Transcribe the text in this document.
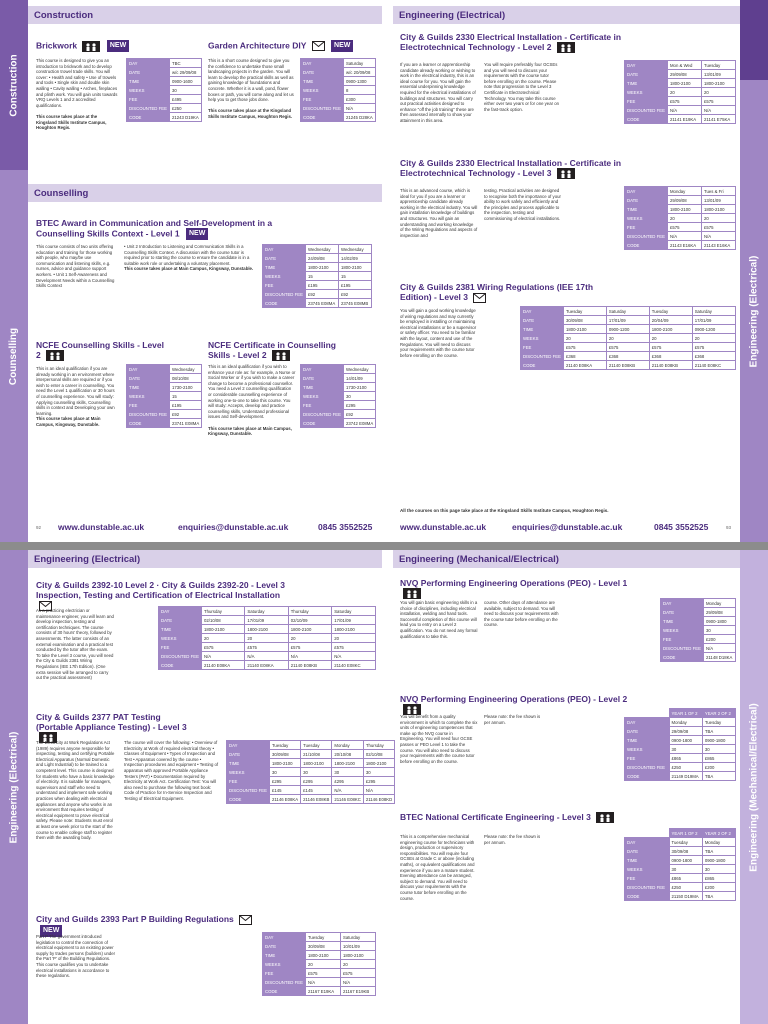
Construction
Counselling	Engineering (Electrical)
Construction
Counselling
Engineering (Electrical)
Brickwork	NEW
This course is designed to give you an introduction to brickwork and to develop construction trowel trade skills. You will cover: • Health and safety • Use of trowels and tools • Single skin and double skin walling • Cavity walling • Arches, fireplaces and plinth work. You will gain units towards VRQ Levels 1 and 2 accredited qualifications.

This course takes place at the Kingsland Skills Institute Campus, Houghton Regis.
DAY	TBC
DATE	w/c 29/09/08
TIME	0900-1600
WEEKS	30
FEE	£495
DISCOUNTED FEE	£250
CODE	21243 D19KA
Garden Architecture DIY	NEW
This is a short course designed to give you the confidence to undertake those small landscaping projects in the garden. You will learn to develop the practical skills as well as gaining knowledge of foundations and concrete. Whether it is a wall, pond, flower boxes or path, you will come along and let us help you to get those jobs done.

This course takes place at the Kingsland Skills Institute Campus, Houghton Regis.
DAY	Saturday
DATE	w/c 20/09/08
TIME	0900-1300
WEEKS	8
FEE	£300
DISCOUNTED FEE	N/A
CODE	21245 D28KA
BTEC Award in Communication and Self-Development in a Counselling Skills Context - Level 1 NEW
This course consists of two units offering education and training for those working with people, who may/be use communication and listening skills, e.g. nurses, advice and guidance support workers. • Unit 1 Self-Awareness and Development Needs within a Counselling Skills Context
• Unit 2 Introduction to Listening and Communication Skills in a Counselling Skills Context. A discussion with the course tutor is required prior to starting the course to ensure the candidate is in a suitable work role or undertaking a voluntary placement.
This course takes place at Main Campus, Kingsway, Dunstable.
DAY	Wednesday	Wednesday
DATE	24/09/08	14/02/09
TIME	1800-2100	1800-2100
WEEKS	15	15
FEE	£195	£195
DISCOUNTED FEE	£92	£92
CODE	23745 E08MA	23745 E08MB
NCFE Counselling Skills - Level 2
This is an ideal qualification if you are already working in an environment where interpersonal skills are required or if you wish to enter a career in counselling. You need the Level 1 qualification or 30 hours of counselling experience. You will study: Applying counselling skills, Counselling skills in context and Developing your own learning.
This course takes place at Main Campus, Kingsway, Dunstable.
DAY	Wednesday
DATE	08/10/08
TIME	1730-2100
WEEKS	15
FEE	£195
DISCOUNTED FEE	£92
CODE	23741 E08MA
NCFE Certificate in Counselling Skills - Level 2
This is an ideal qualification if you wish to enhance your role as: for example, a Nurse or Social Worker or if you wish to make a career change to become a professional counsellor. You need a Level 2 counselling qualification or considerable counselling experience of working one-to-one to take this course. You will study: Accepts, develop and practice counselling skills, Understand professional issues and Self-development.

This course takes place at Main Campus, Kingsway, Dunstable.
DAY	Wednesday
DATE	14/01/09
TIME	1730-2100
WEEKS	30
FEE	£295
DISCOUNTED FEE	£92
CODE	23742 E08MA
City & Guilds 2330 Electrical Installation - Certificate in Electrotechnical Technology - Level 2
If you are a learner or apprenticeship candidate already working or wishing to work in the electrical industry, this is an ideal course for you. You will gain the essential underpinning knowledge required for the electrical installations of buildings and structures. You will carry out practical activities designed to enhance "off the job training" these are then assessed internally to show your attainment in this area.
You will require preferably four GCSEs and you will need to discuss your requirements with the course tutor before enrolling on the course. Please note that progression to the Level 3 Certificate in Electrotechnical Technology. You may take this course either over two years or for one year on the fast-track option.
DAY	Mon & Wed	Tuesday
DATE	29/09/08	13/01/09
TIME	1800-2100	1800-2100
WEEKS	20	20
FEE	£575	£575
DISCOUNTED FEE	N/A	N/A
CODE	21141 E19KA	21141 E75KA
City & Guilds 2330 Electrical Installation - Certificate in Electrotechnical Technology - Level 3
This is an advanced course, which is ideal for you if you are a learner or apprenticeship candidate already working in the electrical industry. You will gain installation knowledge of buildings and structures. You will gain an understanding and working knowledge of the Wiring Regulations and aspects of inspection and
testing. Practical activities are designed to recognise both the importance of your ability to work safely and efficiently and the principles and process applicable to the inspection, testing and commissioning of electrical installations.
DAY	Monday	Tues & Fri
DATE	29/09/08	13/01/09
TIME	1800-2100	1800-2100
WEEKS	20	20
FEE	£575	£575
DISCOUNTED FEE	N/A	N/A
CODE	21143 E16KA	21143 E16KA
City & Guilds 2381 Wiring Regulations (IEE 17th Edition) - Level 3
You will gain a good working knowledge of wiring regulations and may currently be employed in installing or maintaining electrical installations or be a supervisor or safety officer. You need to be familiar with the layout, content and use of the Regulations. You will need to discuss your requirements with the course tutor before enrolling on the course.
DAY	Tuesday	Saturday	Tuesday	Saturday
DATE	30/09/08	17/01/09	20/04/09	17/01/09
TIME	1800-2100	0900-1200	1800-2100	0900-1200
WEEKS	20	20	20	20
FEE	£575	£575	£575	£575
DISCOUNTED FEE	£368	£368	£368	£368
CODE	21140 E08KA	21140 E08KB	21140 E08KB	21140 E08KC
All the courses on this page take place at the Kingsland Skills Institute Campus, Houghton Regis.
92 www.dunstable.ac.uk	enquiries@dunstable.ac.uk	0845 3552525	www.dunstable.ac.uk	enquiries@dunstable.ac.uk	0845 3552525	93
Engineering (Electrical)	Engineering (Mechanical/Electrical)
Engineering (Electrical)	Engineering (Mechanical/Electrical)
City & Guilds 2392-10 Level 2 · City & Guilds 2392-20 - Level 3 Inspection, Testing and Certification of Electrical Installation
As a practicing electrician or maintenance engineer, you will learn and develop inspection, testing and certification techniques. The course consists of 30 hours' theory, followed by assessments. The latter consists of an external examination and a practical test conducted by the tutor after the exam. To take the Level 3 course, you will need the City & Guilds 2381 Wiring Regulations (IEE 17th Edition). (One extra session will be arranged to carry out the practical assessment)
DAY	Thursday	Saturday	Thursday	Saturday
DATE	02/10/08	17/01/09	02/10/09	17/01/09
TIME	1800-2100	1800-2100	1800-2100	1800-2100
WEEKS	20	20	20	20
FEE	£575	£575	£575	£575
DISCOUNTED FEE	N/A	N/A	N/A	N/A
CODE	21140 E08KA	21140 E08KA	21140 E08KB	21140 E08KC
City & Guilds 2377 PAT Testing (Portable Appliance Testing) - Level 3
The Electricity at Work Regulations Act (1989) requires anyone responsible for inspecting, testing and certifying Portable Electrical Apparatus (Normal Domestic and Light Industrial) to be trained to a competent level. This course is designed for students who have a basic knowledge of electricity. It is suitable for managers, supervisors and staff who need to understand and implement safe working practices when dealing with electrical appliances and anyone who works in an environment that requires testing of electrical equipment to prove electrical safety. Please note: Students must enrol at least one week prior to the start of the course to enable college staff to register them with the awarding body.
The course will cover the following: • Overview of Electricity at Work of required electrical theory • Classes of Equipment • Types of Inspection and Test • Apparatus covered by the course • Inspection procedures and equipment • Testing of apparatus with approved Portable Appliance Testers (PAT) • Documentation required by Electricity at Work Act. Certification Test: You will also need to purchase the following text book: Code of Practice for In-Service Inspection and Testing of Electrical Equipment.
DAY	Tuesday	Tuesday	Monday	Thursday
DATE	30/09/08	21/10/08	20/10/08	02/10/08
TIME	1800-2100	1800-2100	1800-2100	1800-2100
WEEKS	30	30	30	30
FEE	£295	£295	£295	£295
DISCOUNTED FEE	£145	£145	N/A	N/A
CODE	21146 E08KA	21146 E08KB	21146 E08KC	21146 E08KD
City and Guilds 2393 Part P Building Regulations  NEW
Part P The government introduced legislation to control the connection of electrical equipment to an existing power supply by trades persons (builders) under the Part 'P' of the Building Regulations. This course qualifies you to undertake electrical installations in accordance to these regulations.
DAY	Tuesday	Saturday
DATE	30/09/08	10/01/09
TIME	1800-2100	1800-2100
WEEKS	20	20
FEE	£575	£575
DISCOUNTED FEE	N/A	N/A
CODE	21167 E19KA	21167 E19KB
NVQ Performing Engineering Operations (PEO) - Level 1
You will gain basic engineering skills in a choice of disciplines, including electrical installation, welding and hand tools. Successful completion of this course will lead you to entry on a Level 2 qualification. You do not need any formal qualifications to take this.
course. Other days of attendance are available, subject to demand. You will need to discuss your requirements with the course tutor before enrolling on the course.
DAY	Monday
DATE	29/09/08
TIME	0900-1800
WEEKS	30
FEE	£200
DISCOUNTED FEE	N/A
CODE	21148 D18KA
NVQ Performing Engineering Operations (PEO) - Level 2
You will benefit from a quality environment in which to complete the six units of engineering competences that make up the NVQ course in Engineering. You will need four GCSE passes or PEO Level 1 to take the course. You will also need to discuss your requirements with the course tutor before enrolling on the course.
Please note: the fee shown is per annum.
	YEAR 1 OF 2	YEAR 2 OF 2
DAY	Monday	Tuesday
DATE	29/09/08	TBA
TIME	0900-1800	0900-1800
WEEKS	30	30
FEE	£865	£865
DISCOUNTED FEE	£250	£200
CODE	21149 D19MA	TBA
BTEC National Certificate Engineering - Level 3
This is a comprehensive mechanical engineering course for technicians with design, production or supervisory responsibilities. You will require four GCSEs at Grade C or above (including maths), or equivalent qualifications and experience if you are a mature student. Evening attendance can be arranged, subject to demand. You will need to discuss your requirements with the course tutor before enrolling on the course.
Please note: the fee shown is per annum.
	YEAR 1 OF 2	YEAR 2 OF 2
DAY	Tuesday	Monday
DATE	30/09/08	TBA
TIME	0900-1800	0900-1800
WEEKS	30	30
FEE	£865	£865
DISCOUNTED FEE	£250	£200
CODE	21150 D19MA	TBA
